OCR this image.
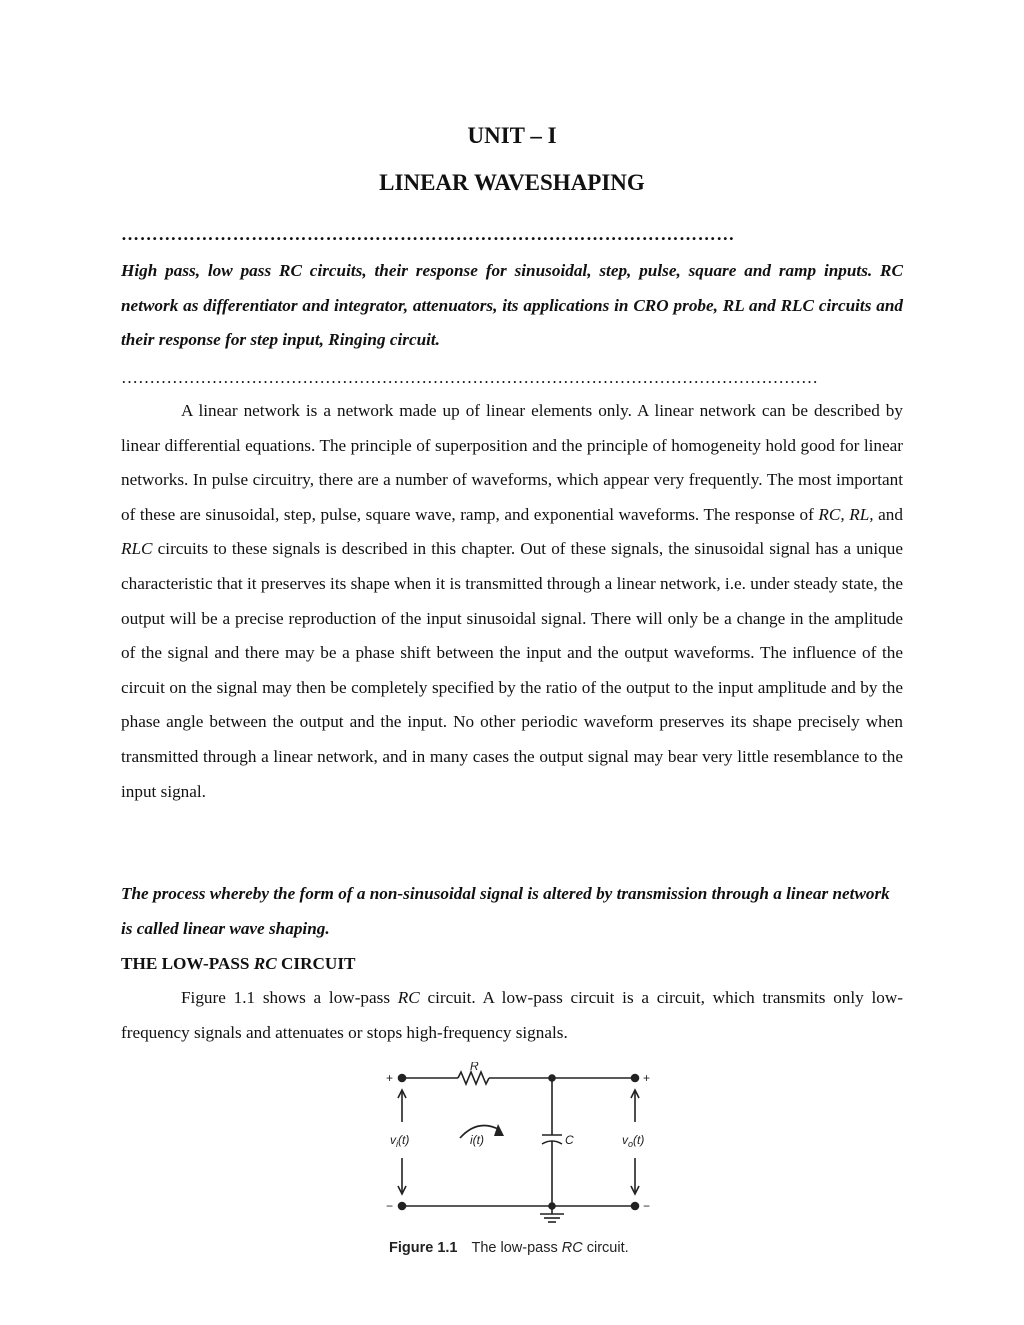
UNIT – I
LINEAR WAVESHAPING
………………………………………………………………………………………
High pass, low pass RC circuits, their response for sinusoidal, step, pulse, square and ramp inputs. RC network as differentiator and integrator, attenuators, its applications in CRO probe, RL and RLC circuits and their response for step input, Ringing circuit.
……………………………………………………………………………………………………………

A linear network is a network made up of linear elements only. A linear network can be described by linear differential equations. The principle of superposition and the principle of homogeneity hold good for linear networks. In pulse circuitry, there are a number of waveforms, which appear very frequently. The most important of these are sinusoidal, step, pulse, square wave, ramp, and exponential waveforms. The response of RC, RL, and RLC circuits to these signals is described in this chapter. Out of these signals, the sinusoidal signal has a unique characteristic that it preserves its shape when it is transmitted through a linear network, i.e. under steady state, the output will be a precise reproduction of the input sinusoidal signal. There will only be a change in the amplitude of the signal and there may be a phase shift between the input and the output waveforms. The influence of the circuit on the signal may then be completely specified by the ratio of the output to the input amplitude and by the phase angle between the output and the input. No other periodic waveform preserves its shape precisely when transmitted through a linear network, and in many cases the output signal may bear very little resemblance to the input signal.

The process whereby the form of a non-sinusoidal signal is altered by transmission through a linear network is called linear wave shaping.
THE LOW-PASS RC CIRCUIT

Figure 1.1 shows a low-pass RC circuit. A low-pass circuit is a circuit, which transmits only low-frequency signals and attenuates or stops high-frequency signals.

R
C
i(t)
$v_i(t)$	$v_o(t)$
+	+
−	−
Figure 1.1 The low-pass RC circuit.
